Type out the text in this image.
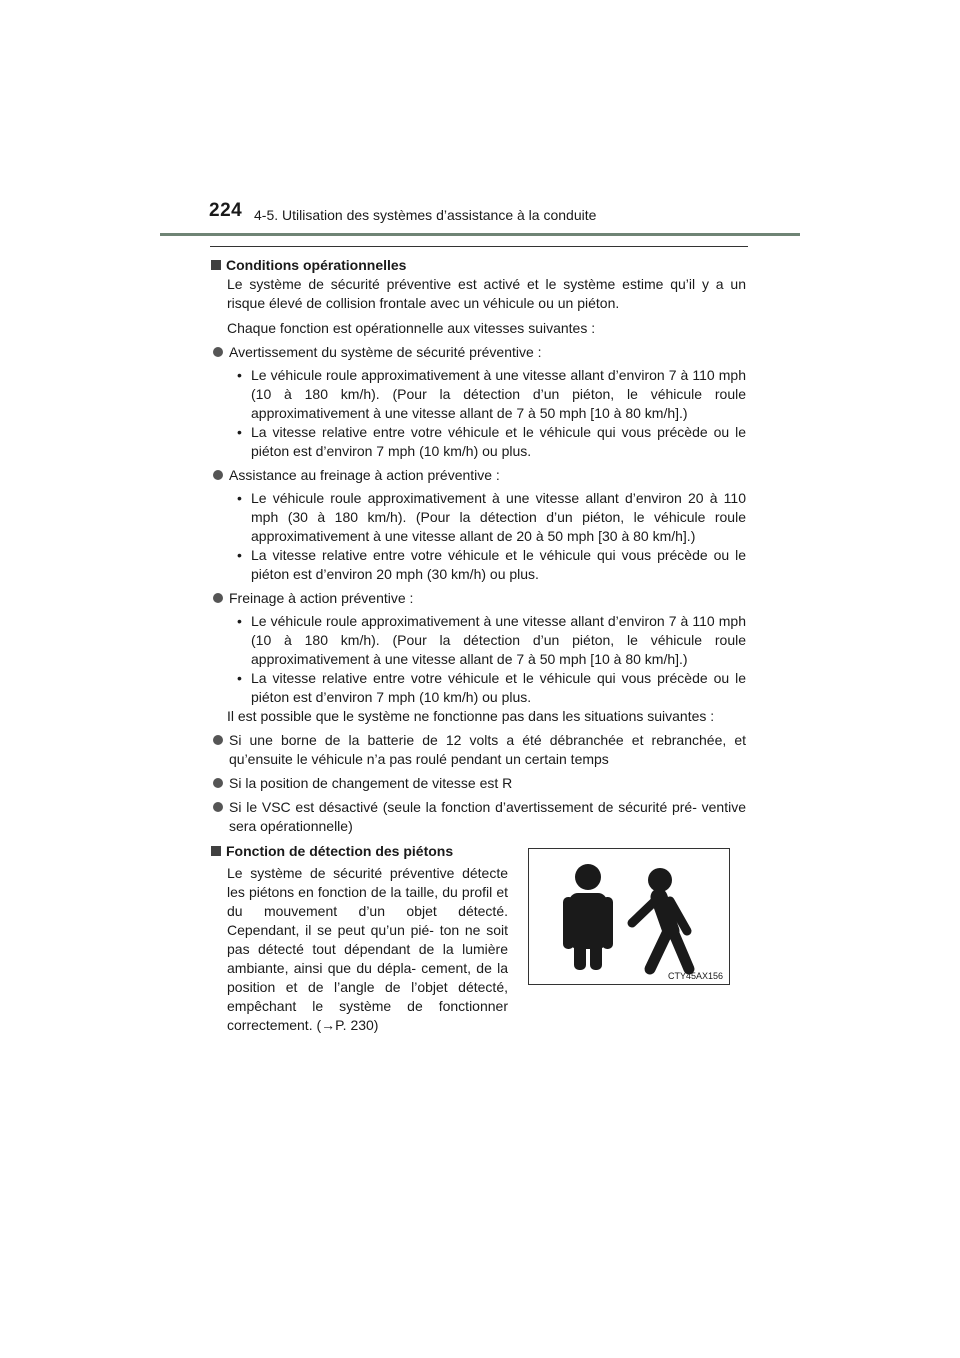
224 4-5. Utilisation des systèmes d’assistance à la conduite
Conditions opérationnelles

Le système de sécurité préventive est activé et le système estime qu’il y a un risque élevé de collision frontale avec un véhicule ou un piéton.

Chaque fonction est opérationnelle aux vitesses suivantes :

Avertissement du système de sécurité préventive :
• Le véhicule roule approximativement à une vitesse allant d’environ 7 à 110 mph (10 à 180 km/h). (Pour la détection d’un piéton, le véhicule roule approximativement à une vitesse allant de 7 à 50 mph [10 à 80 km/h].)
• La vitesse relative entre votre véhicule et le véhicule qui vous précède ou le piéton est d’environ 7 mph (10 km/h) ou plus.
Assistance au freinage à action préventive :
• Le véhicule roule approximativement à une vitesse allant d’environ 20 à 110 mph (30 à 180 km/h). (Pour la détection d’un piéton, le véhicule roule approximativement à une vitesse allant de 20 à 50 mph [30 à 80 km/h].)
• La vitesse relative entre votre véhicule et le véhicule qui vous précède ou le piéton est d’environ 20 mph (30 km/h) ou plus.
Freinage à action préventive :
• Le véhicule roule approximativement à une vitesse allant d’environ 7 à 110 mph (10 à 180 km/h). (Pour la détection d’un piéton, le véhicule roule approximativement à une vitesse allant de 7 à 50 mph [10 à 80 km/h].)
• La vitesse relative entre votre véhicule et le véhicule qui vous précède ou le piéton est d’environ 7 mph (10 km/h) ou plus.

Il est possible que le système ne fonctionne pas dans les situations suivantes :

Si une borne de la batterie de 12 volts a été débranchée et rebranchée, et qu’ensuite le véhicule n’a pas roulé pendant un certain temps
Si la position de changement de vitesse est R
Si le VSC est désactivé (seule la fonction d’avertissement de sécurité pré- ventive sera opérationnelle)
Fonction de détection des piétons

Le système de sécurité préventive détecte les piétons en fonction de la taille, du profil et du mouvement d’un objet détecté. Cependant, il se peut qu’un pié- ton ne soit pas détecté tout dépendant de la lumière ambiante, ainsi que du dépla- cement, de la position et de l’angle de l’objet détecté, empêchant le système de fonctionner correctement. (→P. 230)

CTY45AX156
